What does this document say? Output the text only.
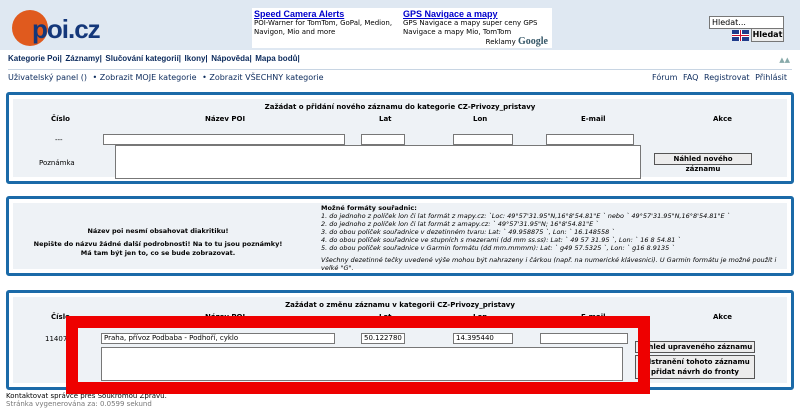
poi.cz	Speed Camera Alerts
POI-Warner for TomTom, GoPal, Medion, Navigon, Mio and more
GPS Navigace a mapy
GPS Navigace a mapy super ceny GPS Navigace a mapy Mio, TomTom
Reklamy Google
Hledat...
Hledat
Kategorie Poi| Záznamy| Slučování kategorií| Ikony| Nápověda| Mapa bodů|	▲▲
Uživatelský panel () • Zobrazit MOJE kategorie • Zobrazit VŠECHNY kategorie	Fórum FAQ Registrovat Přihlásit
Zažádat o přidání nového záznamu do kategorie CZ-Privozy_pristavy
Číslo	Název POI	Lat	Lon	E-mail	Akce
---
Poznámka	Náhled nového záznamu
Název poi nesmí obsahovat diakritiku!
Nepište do názvu žádné další podrobnosti! Na to tu jsou poznámky!
Má tam být jen to, co se bude zobrazovat.
Možné formáty souřadnic:
1. do jednoho z políček lon či lat formát z mapy.cz: `Loc: 49°57'31.95"N,16°8'54.81"E ` nebo ` 49°57'31.95"N,16°8'54.81"E `
2. do jednoho z políček lon či lat formát z amapy.cz: ` 49°57'31.95"N; 16°8'54.81"E `
3. do obou políček souřadnice v dezetinném tvaru: Lat: ` 49.958875 `, Lon: ` 16.148558 `
4. do obou políček souřadnice ve stupních s mezerami (dd mm ss.ss): Lat: ` 49 57 31.95 `, Lon: ` 16 8 54.81 `
5. do obou políček souřadnice v Garmin formátu (dd mm.mmmm): Lat: ` g49 57.5325 `, Lon: ` g16 8.9135 `
Všechny dezetinné tečky uvedené výše mohou být nahrazeny i čárkou (např. na numerické klávesnici). U Garmin formátu je možné použít i velké "G".
Zažádat o změnu záznamu v kategorii CZ-Privozy_pristavy
Číslo	Název POI	Lat	Lon	E-mail	Akce
114071	Praha, přívoz Podbaba - Podhoří, cyklo	50.122780	14.395440
Náhled upraveného záznamu
Odstranění tohoto záznamu
přidat návrh do fronty
Kontaktovat správce přes Soukromou Zprávu.
Stránka vygenerována za: 0.0599 sekund
